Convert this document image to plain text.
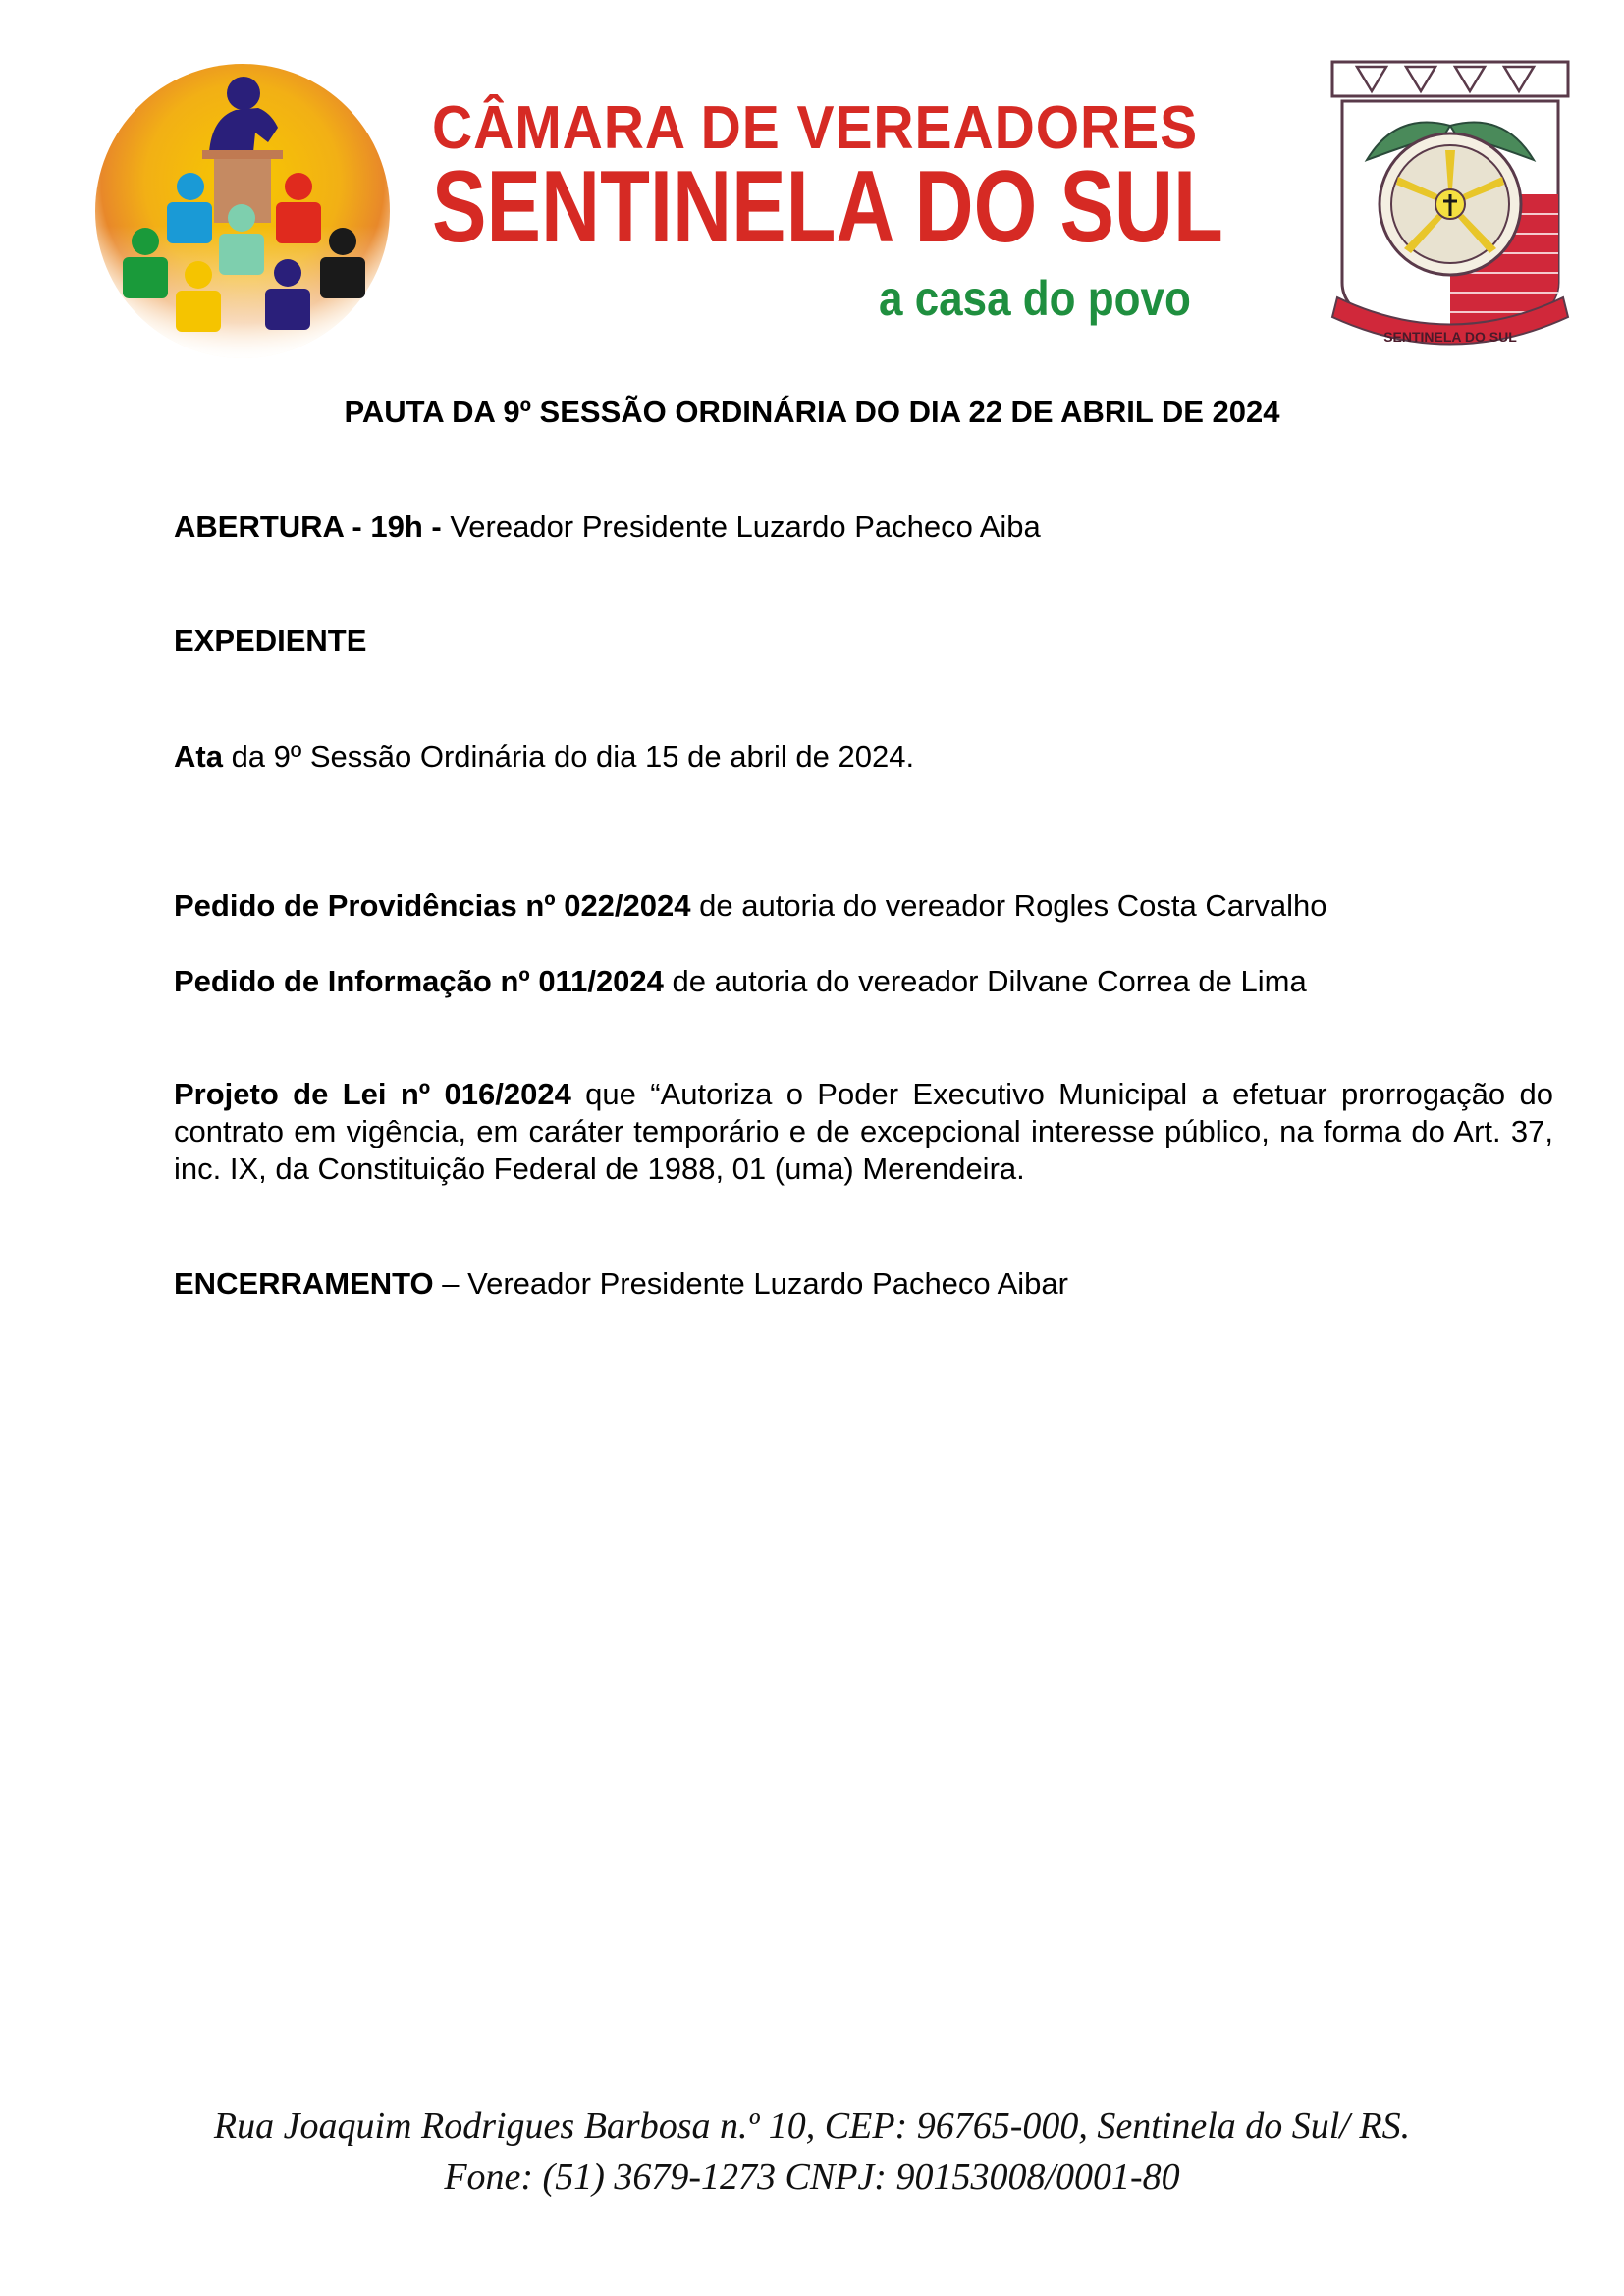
CÂMARA DE VEREADORES
SENTINELA DO SUL
a casa do povo
SENTINELA DO SUL
PAUTA DA 9º SESSÃO ORDINÁRIA DO DIA 22 DE ABRIL DE 2024
ABERTURA - 19h - Vereador Presidente Luzardo Pacheco Aiba
EXPEDIENTE
Ata da 9º Sessão Ordinária do dia 15 de abril de 2024.
Pedido de Providências nº 022/2024 de autoria do vereador Rogles Costa Carvalho
Pedido de Informação nº 011/2024 de autoria do vereador Dilvane Correa de Lima
Projeto de Lei nº 016/2024 que “Autoriza o Poder Executivo Municipal a efetuar prorrogação do contrato em vigência, em caráter temporário e de excepcional interesse público, na forma do Art. 37, inc. IX, da Constituição Federal de 1988, 01 (uma) Merendeira.
ENCERRAMENTO – Vereador Presidente Luzardo Pacheco Aibar
Rua Joaquim Rodrigues Barbosa n.º 10, CEP: 96765-000, Sentinela do Sul/ RS.
Fone: (51) 3679-1273 CNPJ: 90153008/0001-80
